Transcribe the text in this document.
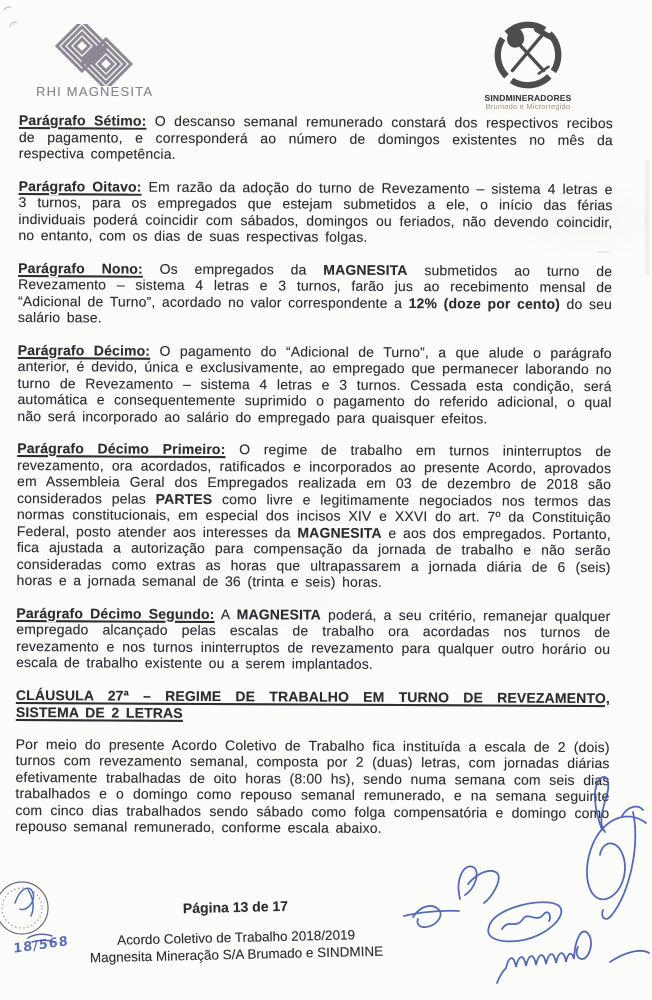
RHI MAGNESITA	SINDMINERADORES
Brumado e Microrregião

Parágrafo Sétimo: O descanso semanal remunerado constará dos respectivos recibos de pagamento, e corresponderá ao número de domingos existentes no mês da respectiva competência.

Parágrafo Oitavo: Em razão da adoção do turno de Revezamento – sistema 4 letras e 3 turnos, para os empregados que estejam submetidos a ele, o início das férias individuais poderá coincidir com sábados, domingos ou feriados, não devendo coincidir, no entanto, com os dias de suas respectivas folgas.

Parágrafo Nono: Os empregados da MAGNESITA submetidos ao turno de Revezamento – sistema 4 letras e 3 turnos, farão jus ao recebimento mensal de “Adicional de Turno”, acordado no valor correspondente a 12% (doze por cento) do seu salário base.

Parágrafo Décimo: O pagamento do “Adicional de Turno”, a que alude o parágrafo anterior, é devido, única e exclusivamente, ao empregado que permanecer laborando no turno de Revezamento – sistema 4 letras e 3 turnos. Cessada esta condição, será automática e consequentemente suprimido o pagamento do referido adicional, o qual não será incorporado ao salário do empregado para quaisquer efeitos.

Parágrafo Décimo Primeiro: O regime de trabalho em turnos ininterruptos de revezamento, ora acordados, ratificados e incorporados ao presente Acordo, aprovados em Assembleia Geral dos Empregados realizada em 03 de dezembro de 2018 são considerados pelas PARTES como livre e legitimamente negociados nos termos das normas constitucionais, em especial dos incisos XIV e XXVI do art. 7º da Constituição Federal, posto atender aos interesses da MAGNESITA e aos dos empregados. Portanto, fica ajustada a autorização para compensação da jornada de trabalho e não serão consideradas como extras as horas que ultrapassarem a jornada diária de 6 (seis) horas e a jornada semanal de 36 (trinta e seis) horas.

Parágrafo Décimo Segundo: A MAGNESITA poderá, a seu critério, remanejar qualquer empregado alcançado pelas escalas de trabalho ora acordadas nos turnos de revezamento e nos turnos ininterruptos de revezamento para qualquer outro horário ou escala de trabalho existente ou a serem implantados.

CLÁUSULA 27ª – REGIME DE TRABALHO EM TURNO DE REVEZAMENTO,
SISTEMA DE 2 LETRAS

Por meio do presente Acordo Coletivo de Trabalho fica instituída a escala de 2 (dois) turnos com revezamento semanal, composta por 2 (duas) letras, com jornadas diárias efetivamente trabalhadas de oito horas (8:00 hs), sendo numa semana com seis dias trabalhados e o domingo como repouso semanal remunerado, e na semana seguinte com cinco dias trabalhados sendo sábado como folga compensatória e domingo como repouso semanal remunerado, conforme escala abaixo.

Página 13 de 17

Acordo Coletivo de Trabalho 2018/2019

Magnesita Mineração S/A Brumado e SINDMINE

18/568
